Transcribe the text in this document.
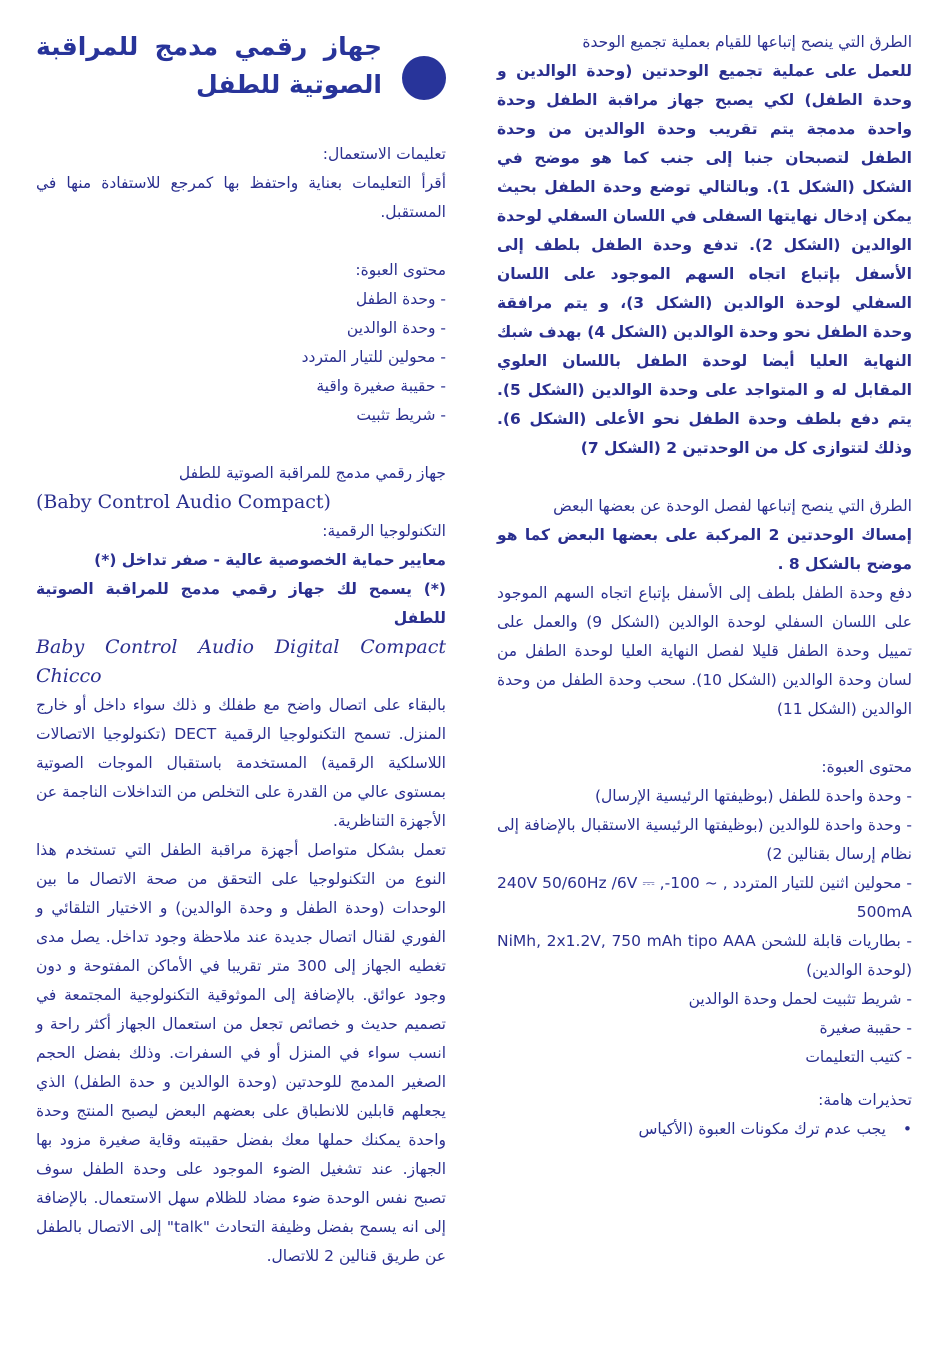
الطرق التي ينصح إتباعها للقيام بعملية تجميع الوحدة

للعمل على عملية تجميع الوحدتين (وحدة الوالدين و وحدة الطفل) لكي يصبح جهاز مراقبة الطفل وحدة واحدة مدمجة يتم تقريب وحدة الوالدين من وحدة الطفل لتصبحان جنبا إلى جنب كما هو موضح في الشكل (الشكل 1). وبالتالي توضع وحدة الطفل بحيث يمكن إدخال نهايتها السفلى في اللسان السفلي لوحدة الوالدين (الشكل 2). تدفع وحدة الطفل بلطف إلى الأسفل بإتباع اتجاه السهم الموجود على اللسان السفلي لوحدة الوالدين (الشكل 3)، و يتم مرافقة وحدة الطفل نحو وحدة الوالدين (الشكل 4) بهدف شبك النهاية العليا أيضا لوحدة الطفل باللسان العلوي المقابل له و المتواجد على وحدة الوالدين (الشكل 5). يتم دفع بلطف وحدة الطفل نحو الأعلى (الشكل 6). وذلك لتتوازى كل من الوحدتين 2 (الشكل 7)

الطرق التي ينصح إتباعها لفصل الوحدة عن بعضها البعض

إمساك الوحدتين 2 المركبة على بعضها البعض كما هو موضح بالشكل 8 .

دفع وحدة الطفل بلطف إلى الأسفل بإتباع اتجاه السهم الموجود على اللسان السفلي لوحدة الوالدين (الشكل 9) والعمل على تمييل وحدة الطفل قليلا لفصل النهاية العليا لوحدة الطفل من لسان وحدة الوالدين (الشكل 10). سحب وحدة الطفل من وحدة الوالدين (الشكل 11)

محتوى العبوة:

- وحدة واحدة للطفل (بوظيفتها الرئيسية الإرسال)

- وحدة واحدة للوالدين (بوظيفتها الرئيسية الاستقبال بالإضافة إلى نظام إرسال بقنالين 2)

- محولين اثنين للتيار المتردد , ~ 100-240V 50/60Hz /6V ⎓ , 500mA

- بطاريات قابلة للشحن NiMh, 2x1.2V, 750 mAh tipo AAA (لوحدة الوالدين)

- شريط تثبيت لحمل وحدة الوالدين

- حقيبة صغيرة

- كتيب التعليمات

تحذيرات هامة:

•

يجب عدم ترك مكونات العبوة (الأكياس

جهاز رقمي مدمج للمراقبة الصوتية للطفل

تعليمات الاستعمال:

أقرأ التعليمات بعناية واحتفظ بها كمرجع للاستفادة منها في المستقبل.

محتوى العبوة:

- وحدة الطفل

- وحدة الوالدين

- محولين للتيار المتردد

- حقيبة صغيرة واقية

- شريط تثبيت

جهاز رقمي مدمج للمراقبة الصوتية للطفل

(Baby Control Audio Compact)

التكنولوجيا الرقمية:

معايير حماية الخصوصية عالية - صفر تداخل (*)

(*) يسمح لك جهاز رقمي مدمج للمراقبة الصوتية للطفل

Baby Control Audio Digital Compact Chicco

بالبقاء على اتصال واضح مع طفلك و ذلك سواء داخل أو خارج المنزل. تسمح التكنولوجيا الرقمية DECT (تكنولوجيا الاتصالات اللاسلكية الرقمية) المستخدمة باستقبال الموجات الصوتية بمستوى عالي من القدرة على التخلص من التداخلات الناجمة عن الأجهزة التناظرية.

تعمل بشكل متواصل أجهزة مراقبة الطفل التي تستخدم هذا النوع من التكنولوجيا على التحقق من صحة الاتصال ما بين الوحدات (وحدة الطفل و وحدة الوالدين) و الاختيار التلقائي و الفوري لقنال اتصال جديدة عند ملاحظة وجود تداخل. يصل مدى تغطيه الجهاز إلى 300 متر تقريبا في الأماكن المفتوحة و دون وجود عوائق. بالإضافة إلى الموثوقية التكنولوجية المجتمعة في تصميم حديث و خصائص تجعل من استعمال الجهاز أكثر راحة و انسب سواء في المنزل أو في السفرات. وذلك بفضل الحجم الصغير المدمج للوحدتين (وحدة الوالدين و حدة الطفل) الذي يجعلهم قابلين للانطباق على بعضهم البعض ليصبح المنتج وحدة واحدة يمكنك حملها معك بفضل حقيبته وقاية صغيرة مزود بها الجهاز. عند تشغيل الضوء الموجود على وحدة الطفل سوف تصبح نفس الوحدة ضوء مضاد للظلام سهل الاستعمال. بالإضافة إلى انه يسمح بفضل وظيفة التحادث "talk" إلى الاتصال بالطفل عن طريق قنالين 2 للاتصال.
